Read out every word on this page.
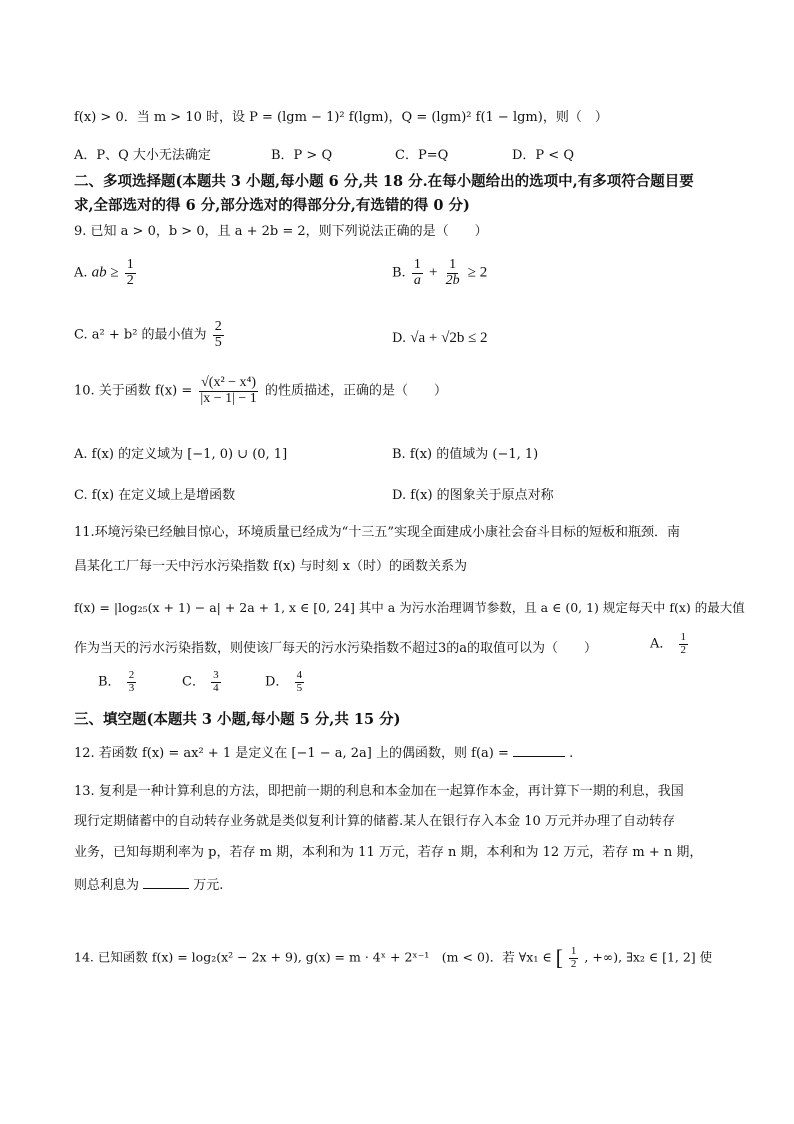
f(x) > 0．当 m > 10 时，设 P = (lgm − 1)² f(lgm)，Q = (lgm)² f(1 − lgm)，则（　）
A．P、Q 大小无法确定	B．P > Q	C．P=Q	D．P < Q
二、多项选择题(本题共 3 小题,每小题 6 分,共 18 分.在每小题给出的选项中,有多项符合题目要
求,全部选对的得 6 分,部分选对的得部分分,有选错的得 0 分)
9. 已知 a > 0，b > 0，且 a + 2b = 2，则下列说法正确的是（　　）
A. ab ≥ $\frac{1}{2}$	B. $\frac{1}{a} + \frac{1}{2b} \ge 2$
C. a² + b² 的最小值为 $\frac{2}{5}$	D. √a + √2b ≤ 2
10. 关于函数 $f(x) = \frac{\text{√(x² − x⁴)}}{|x - 1| - 1}$ 的性质描述，正确的是（　　）
A. f(x) 的定义域为 [−1, 0) ∪ (0, 1]	B. f(x) 的值域为 (−1, 1)
C. f(x) 在定义域上是增函数	D. f(x) 的图象关于原点对称
11.环境污染已经触目惊心，环境质量已经成为“十三五”实现全面建成小康社会奋斗目标的短板和瓶颈．南
昌某化工厂每一天中污水污染指数 f(x) 与时刻 x（时）的函数关系为
f(x) = |log₂₅(x + 1) − a| + 2a + 1, x ∈ [0, 24] 其中 a 为污水治理调节参数，且 a ∈ (0, 1) 规定每天中 f(x) 的最大值
作为当天的污水污染指数，则使该厂每天的污水污染指数不超过3的a的取值可以为（　　）	A． $\frac{1}{2}$
B． $\frac{2}{3}$	C． $\frac{3}{4}$	D． $\frac{4}{5}$
三、填空题(本题共 3 小题,每小题 5 分,共 15 分)
12. 若函数 f(x) = ax² + 1 是定义在 [−1 − a, 2a] 上的偶函数，则 f(a) =	.
13. 复利是一种计算利息的方法，即把前一期的利息和本金加在一起算作本金，再计算下一期的利息，我国
现行定期储蓄中的自动转存业务就是类似复利计算的储蓄.某人在银行存入本金 10 万元并办理了自动转存
业务，已知每期利率为 p，若存 m 期，本利和为 11 万元，若存 n 期，本利和为 12 万元，若存 m + n 期，
则总利息为	万元.
14. 已知函数 f(x) = log₂(x² − 2x + 9), g(x) = m · 4ˣ + 2ˣ⁻¹　(m < 0)．若 ∀x₁ ∈ [ $\frac{1}{2}$ , +∞), ∃x₂ ∈ [1, 2] 使
